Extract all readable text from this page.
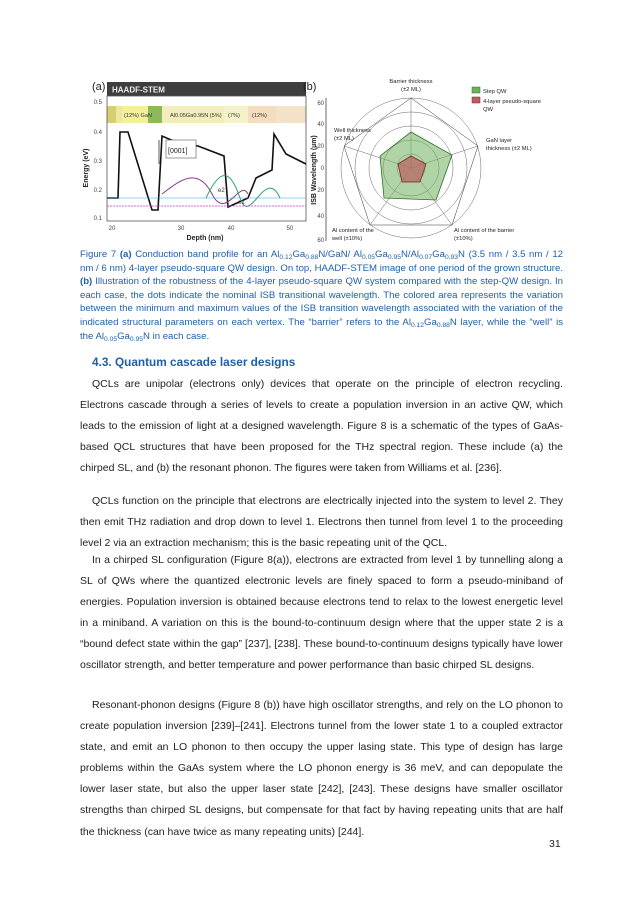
(a) HAADF-STEM
(12%) GaN	Al0.05Ga0.95N (5%) (7%) (12%)
0.5
0.4
0.3
0.2
0.1
Energy (eV)
20	30	40	50
Depth (nm)
e2
e1
[0001]
(b)
ISB Wavelength (µm)
60
40
20
0
20
40
60
Barrier thickness
(±2 ML)
Well thickness
(±2 ML)	GaN layer
thickness (±2 ML)
Al content of the
well (±10%)
Al content of the barrier
(±10%)
Step QW
4-layer pseudo-square
QW
Figure 7 (a) Conduction band profile for an $Al_{0.12}Ga_{0.88}N/GaN/$ $Al_{0.05}Ga_{0.95}N/Al_{0.07}Ga_{0.93}N$ (3.5 nm / 3.5 nm / 12 nm / 6 nm) 4-layer pseudo-square QW design. On top, HAADF-STEM image of one period of the grown structure. (b) Illustration of the robustness of the 4-layer pseudo-square QW system compared with the step-QW design. In each case, the dots indicate the nominal ISB transitional wavelength. The colored area represents the variation between the minimum and maximum values of the ISB transition wavelength associated with the variation of the indicated structural parameters on each vertex. The “barrier” refers to the $Al_{0.12}Ga_{0.88}N$ layer, while the “well” is the $Al_{0.05}Ga_{0.95}N$ in each case.
4.3. Quantum cascade laser designs
QCLs are unipolar (electrons only) devices that operate on the principle of electron recycling. Electrons cascade through a series of levels to create a population inversion in an active QW, which leads to the emission of light at a designed wavelength. Figure 8 is a schematic of the types of GaAs-based QCL structures that have been proposed for the THz spectral region. These include (a) the chirped SL, and (b) the resonant phonon. The figures were taken from Williams et al. [236].
QCLs function on the principle that electrons are electrically injected into the system to level 2. They then emit THz radiation and drop down to level 1. Electrons then tunnel from level 1 to the proceeding level 2 via an extraction mechanism; this is the basic repeating unit of the QCL.
In a chirped SL configuration (Figure 8(a)), electrons are extracted from level 1 by tunnelling along a SL of QWs where the quantized electronic levels are finely spaced to form a pseudo-miniband of energies. Population inversion is obtained because electrons tend to relax to the lowest energetic level in a miniband. A variation on this is the bound-to-continuum design where that the upper state 2 is a “bound defect state within the gap” [237], [238]. These bound-to-continuum designs typically have lower oscillator strength, and better temperature and power performance than basic chirped SL designs.
Resonant-phonon designs (Figure 8 (b)) have high oscillator strengths, and rely on the LO phonon to create population inversion [239]–[241]. Electrons tunnel from the lower state 1 to a coupled extractor state, and emit an LO phonon to then occupy the upper lasing state. This type of design has large problems within the GaAs system where the LO phonon energy is 36 meV, and can depopulate the lower laser state, but also the upper laser state [242], [243]. These designs have smaller oscillator strengths than chirped SL designs, but compensate for that fact by having repeating units that are half the thickness (can have twice as many repeating units) [244].
31
